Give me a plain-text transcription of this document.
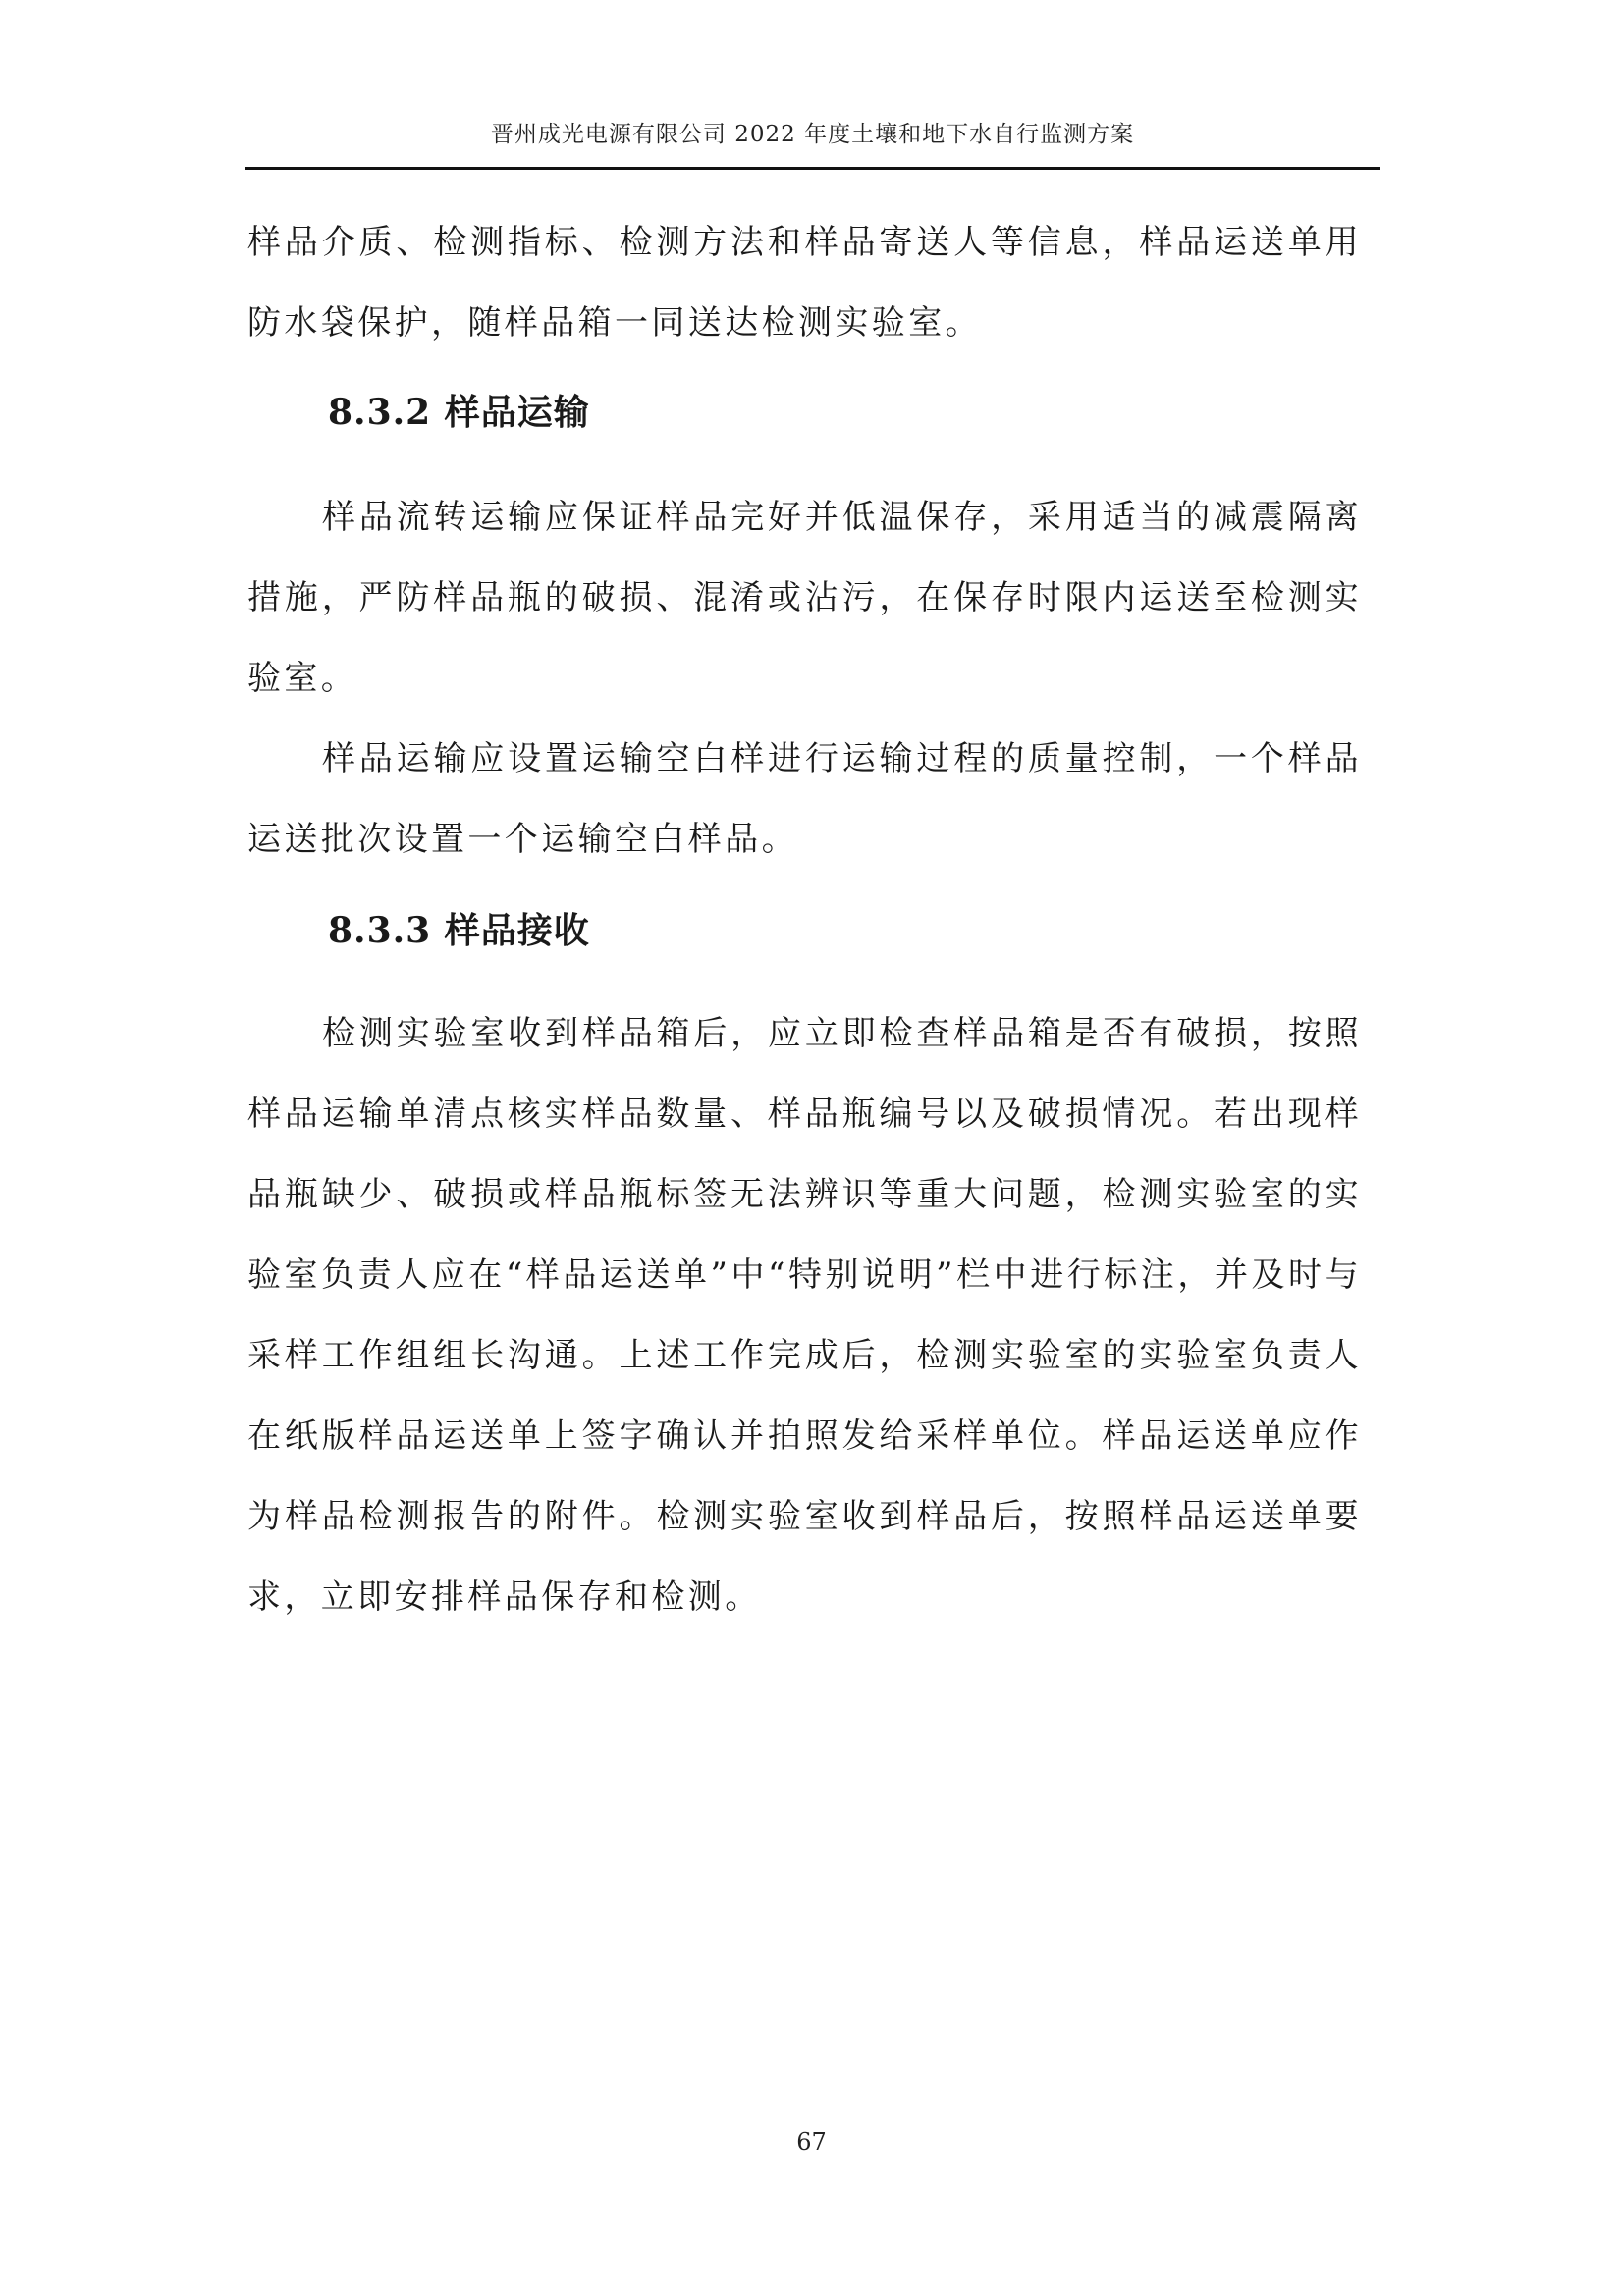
晋州成光电源有限公司 2022 年度土壤和地下水自行监测方案

样品介质、检测指标、检测方法和样品寄送人等信息，样品运送单用防水袋保护，随样品箱一同送达检测实验室。

8.3.2 样品运输

样品流转运输应保证样品完好并低温保存，采用适当的减震隔离措施，严防样品瓶的破损、混淆或沾污，在保存时限内运送至检测实验室。

样品运输应设置运输空白样进行运输过程的质量控制，一个样品运送批次设置一个运输空白样品。

8.3.3 样品接收

检测实验室收到样品箱后，应立即检查样品箱是否有破损，按照样品运输单清点核实样品数量、样品瓶编号以及破损情况。若出现样品瓶缺少、破损或样品瓶标签无法辨识等重大问题，检测实验室的实验室负责人应在“样品运送单”中“特别说明”栏中进行标注，并及时与采样工作组组长沟通。上述工作完成后，检测实验室的实验室负责人在纸版样品运送单上签字确认并拍照发给采样单位。样品运送单应作为样品检测报告的附件。检测实验室收到样品后，按照样品运送单要求，立即安排样品保存和检测。

67
